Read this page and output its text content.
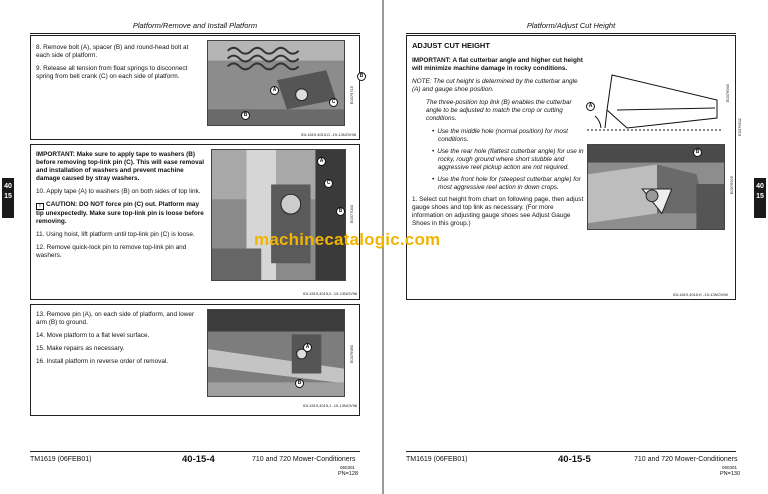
Platform/Remove and Install Platform

8. Remove bolt (A), spacer (B) and round-head bolt at each side of platform.

9. Release all tension from float springs to disconnect spring from bell crank (C) on each side of platform.

A
B
C
B
E0376715
IDL1619,4015,D -19-13NOV98

IMPORTANT: Make sure to apply tape to washers (B) before removing top-link pin (C). This will ease removal and installation of washers and prevent machine damage caused by stray washers.

10. Apply tape (A) to washers (B) on both sides of top link.

! CAUTION: DO NOT force pin (C) out. Platform may tip unexpectedly. Make sure top-link pin is loose before removing.

11. Using hoist, lift platform until top-link pin (C) is loose.

12. Remove quick-lock pin to remove top-link pin and washers.

A
C
B	E0377040
IDL1619,4015,II -19-13NOV98

13. Remove pin (A), on each side of platform, and lower arm (B) to ground.

14. Move platform to a flat level surface.

15. Make repairs as necessary.

16. Install platform in reverse order of removal.

A
B
E0376980
IDL1619,4015,J -19-13NOV98
40
15
TM1619 (06FEB01)	40-15-4	710 and 720 Mower-Conditioners
060301
PN=128
Platform/Adjust Cut Height

ADJUST CUT HEIGHT

IMPORTANT: A flat cutterbar angle and higher cut height will minimize machine damage in rocky conditions.

NOTE: The cut height is determined by the cutterbar angle (A) and gauge shoe position.

The three-position top link (B) enables the cutterbar angle to be adjusted to match the crop or cutting conditions.

• Use the middle hole (normal position) for most conditions.
• Use the rear hole (flattest cutterbar angle) for use in rocky, rough ground where short stubble and aggressive reel pickup action are not required.
• Use the front hole for (steepest cutterbar angle) for most aggressive reel action in down crops.

1. Select cut height from chart on following page, then adjust gauge shoes and top link as necessary. (For more information on adjusting gauge shoes see Adjust Gauge Shoes in this group.)

A
E0376945
E0376511
B
E0376925
IDL1619,4015,K -19-13NOV98
40
15
TM1619 (06FEB01)	40-15-5	710 and 720 Mower-Conditioners
060301
PN=130
machinecatalogic.com
